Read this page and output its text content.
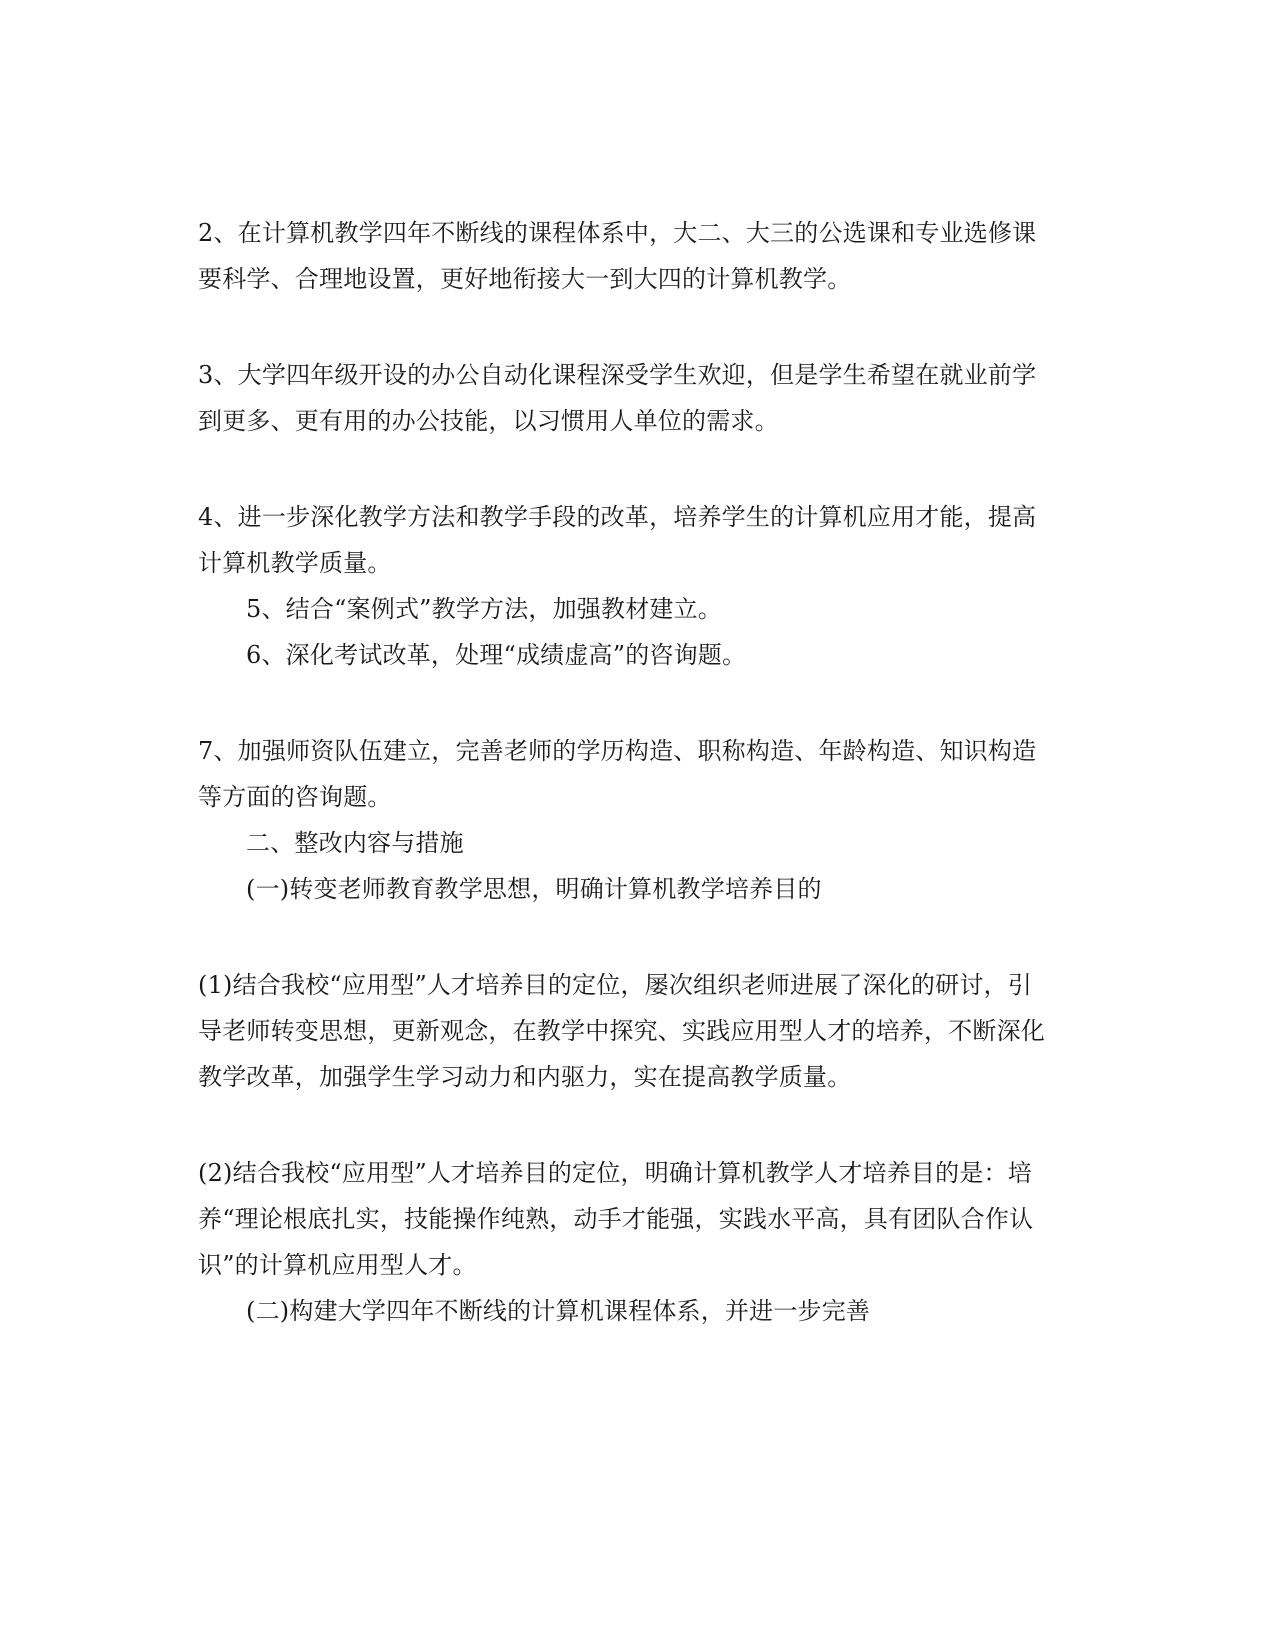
2、在计算机教学四年不断线的课程体系中，大二、大三的公选课和专业选修课
要科学、合理地设置，更好地衔接大一到大四的计算机教学。
3、大学四年级开设的办公自动化课程深受学生欢迎，但是学生希望在就业前学
到更多、更有用的办公技能，以习惯用人单位的需求。
4、进一步深化教学方法和教学手段的改革，培养学生的计算机应用才能，提高
计算机教学质量。
5、结合“案例式”教学方法，加强教材建立。
6、深化考试改革，处理“成绩虚高”的咨询题。
7、加强师资队伍建立，完善老师的学历构造、职称构造、年龄构造、知识构造
等方面的咨询题。
二、整改内容与措施
(一)转变老师教育教学思想，明确计算机教学培养目的
(1)结合我校“应用型”人才培养目的定位，屡次组织老师进展了深化的研讨，引
导老师转变思想，更新观念，在教学中探究、实践应用型人才的培养，不断深化
教学改革，加强学生学习动力和内驱力，实在提高教学质量。
(2)结合我校“应用型”人才培养目的定位，明确计算机教学人才培养目的是：培
养“理论根底扎实，技能操作纯熟，动手才能强，实践水平高，具有团队合作认
识”的计算机应用型人才。
(二)构建大学四年不断线的计算机课程体系，并进一步完善
